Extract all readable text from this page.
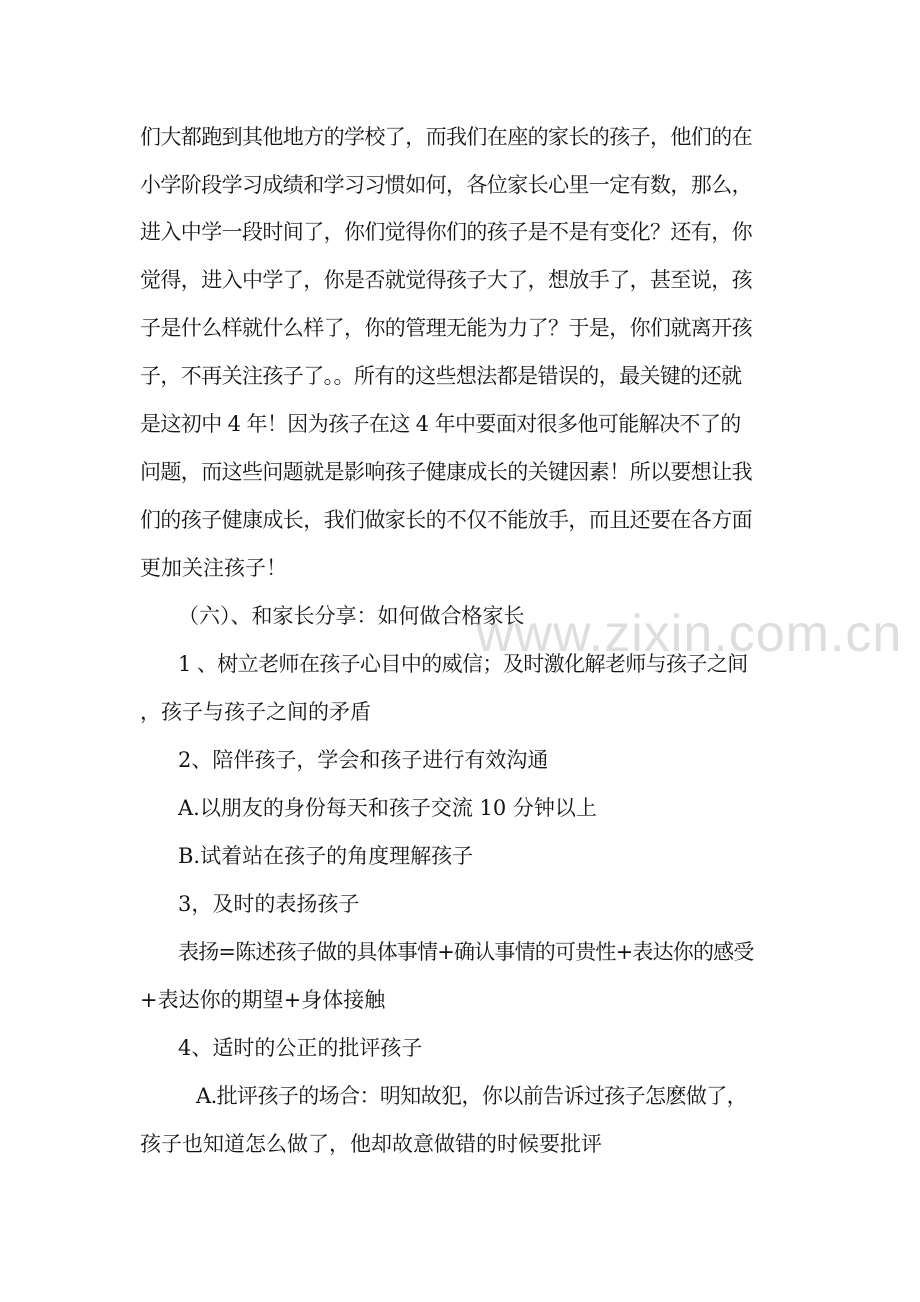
们大都跑到其他地方的学校了，而我们在座的家长的孩子，他们的在
小学阶段学习成绩和学习习惯如何，各位家长心里一定有数，那么，
进入中学一段时间了，你们觉得你们的孩子是不是有变化？还有，你
觉得，进入中学了，你是否就觉得孩子大了，想放手了，甚至说，孩
子是什么样就什么样了，你的管理无能为力了？于是，你们就离开孩
子，不再关注孩子了。。所有的这些想法都是错误的，最关键的还就
是这初中 4 年！因为孩子在这 4 年中要面对很多他可能解决不了的
问题，而这些问题就是影响孩子健康成长的关键因素！所以要想让我
们的孩子健康成长，我们做家长的不仅不能放手，而且还要在各方面
更加关注孩子！
（六）、和家长分享：如何做合格家长
1 、树立老师在孩子心目中的威信；及时激化解老师与孩子之间
，孩子与孩子之间的矛盾
2、陪伴孩子，学会和孩子进行有效沟通
A.以朋友的身份每天和孩子交流 10 分钟以上
B.试着站在孩子的角度理解孩子
3，及时的表扬孩子
表扬=陈述孩子做的具体事情+确认事情的可贵性+表达你的感受
+表达你的期望+身体接触
4、适时的公正的批评孩子
A.批评孩子的场合：明知故犯，你以前告诉过孩子怎麽做了，
孩子也知道怎么做了，他却故意做错的时候要批评
www.zixin.com.cn
